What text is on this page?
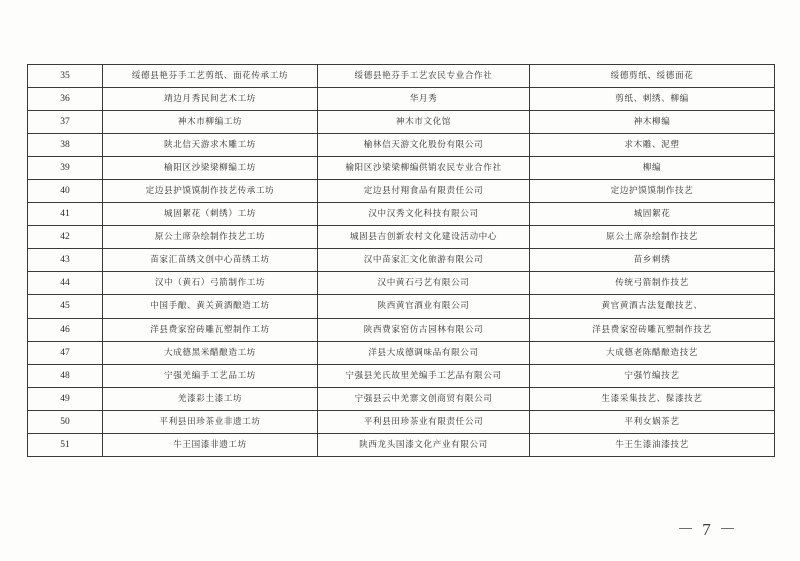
35	绥德县艳芬手工艺剪纸、面花传承工坊	绥德县艳芬手工艺农民专业合作社	绥德剪纸、绥德面花
36	靖边月秀民间艺术工坊	华月秀	剪纸、刺绣、柳编
37	神木市柳编工坊	神木市文化馆	神木柳编
38	陕北信天游求木雕工坊	榆林信天游文化股份有限公司	求木雕、泥塑
39	榆阳区沙梁梁柳编工坊	榆阳区沙梁梁柳编供销农民专业合作社	柳编
40	定边县护馍馍制作技艺传承工坊	定边县付翔食品有限责任公司	定边护馍馍制作技艺
41	城固絮花（刺绣）工坊	汉中汉秀文化科技有限公司	城固絮花
42	原公土席杂绘制作技艺工坊	城固县吉创新农村文化建设活动中心	原公土席杂绘制作技艺
43	苗家汇苗绣文创中心苗绣工坊	汉中苗家汇文化旅游有限公司	苗乡刺绣
44	汉中（黄石）弓箭制作工坊	汉中黄石弓艺有限公司	传统弓箭制作技艺
45	中国手酿、黄关黄酒酿造工坊	陕西黄官酒业有限公司	黄官黄酒古法复酿技艺、
46	洋县费家窑砖雕瓦塑制作工坊	陕西费家窑仿古园林有限公司	洋县费家窑砖雕瓦塑制作技艺
47	大成德黑米醋酿造工坊	洋县大成德调味品有限公司	大成德老陈醋酿造技艺
48	宁强羌编手工艺品工坊	宁强县羌氏故里羌编手工艺品有限公司	宁强竹编技艺
49	羌漆彩土漆工坊	宁强县云中羌寨文创商贸有限公司	生漆采集技艺、髹漆技艺
50	平利县田珍茶业非遗工坊	平利县田珍茶业有限责任公司	平利女娲茶艺
51	牛王国漆非遗工坊	陕西龙头国漆文化产业有限公司	牛王生漆油漆技艺
－ 7 －
